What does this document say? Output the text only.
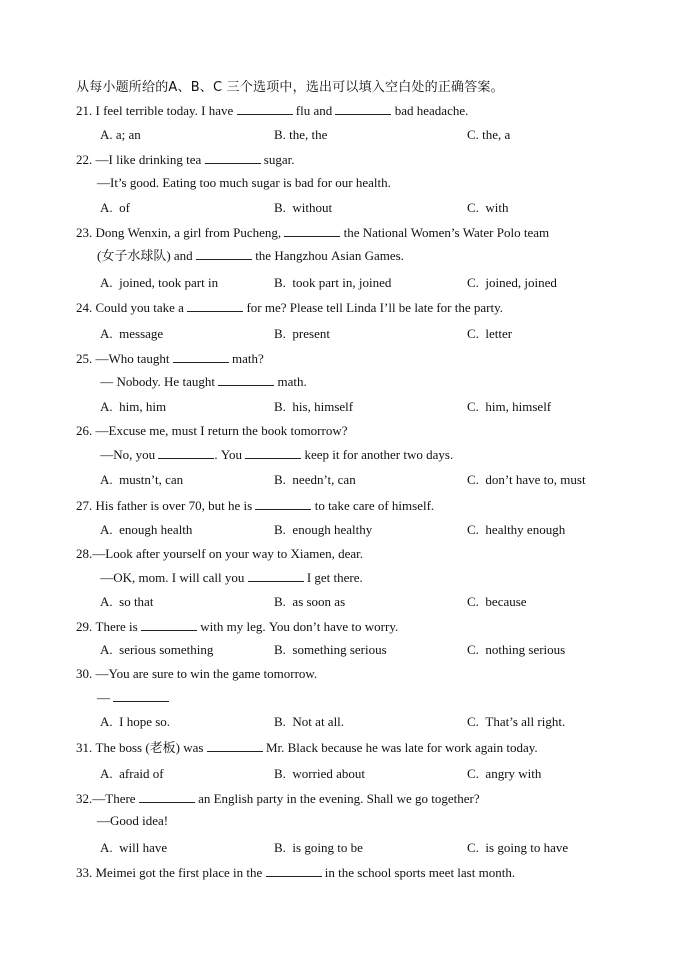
从每小题所给的A、B、C 三个选项中，选出可以填入空白处的正确答案。
21. I feel terrible today. I have	flu and	bad headache.
A. a; an	B. the, the	C. the, a
22. —I like drinking tea	sugar.
—It’s good. Eating too much sugar is bad for our health.
A.  of	B.  without	C.  with
23. Dong Wenxin, a girl from Pucheng,	the National Women’s Water Polo team
(女子水球队) and	the Hangzhou Asian Games.
A.  joined, took part in	B.  took part in, joined	C.  joined, joined
24. Could you take a	for me? Please tell Linda I’ll be late for the party.
A.  message	B.  present	C.  letter
25. —Who taught	math?
— Nobody. He taught	math.
A.  him, him	B.  his, himself	C.  him, himself
26. —Excuse me, must I return the book tomorrow?
—No, you	. You	keep it for another two days.
A.  mustn’t, can	B.  needn’t, can	C.  don’t have to, must
27. His father is over 70, but he is	to take care of himself.
A.  enough health	B.  enough healthy	C.  healthy enough
28.—Look after yourself on your way to Xiamen, dear.
—OK, mom. I will call you	I get there.
A.  so that	B.  as soon as	C.  because
29. There is	with my leg. You don’t have to worry.
A.  serious something	B.  something serious	C.  nothing serious
30. —You are sure to win the game tomorrow.
—
A.  I hope so.	B.  Not at all.	C.  That’s all right.
31. The boss (老板) was	Mr. Black because he was late for work again today.
A.  afraid of	B.  worried about	C.  angry with
32.—There	an English party in the evening. Shall we go together?
—Good idea!
A.  will have	B.  is going to be	C.  is going to have
33. Meimei got the first place in the	in the school sports meet last month.
